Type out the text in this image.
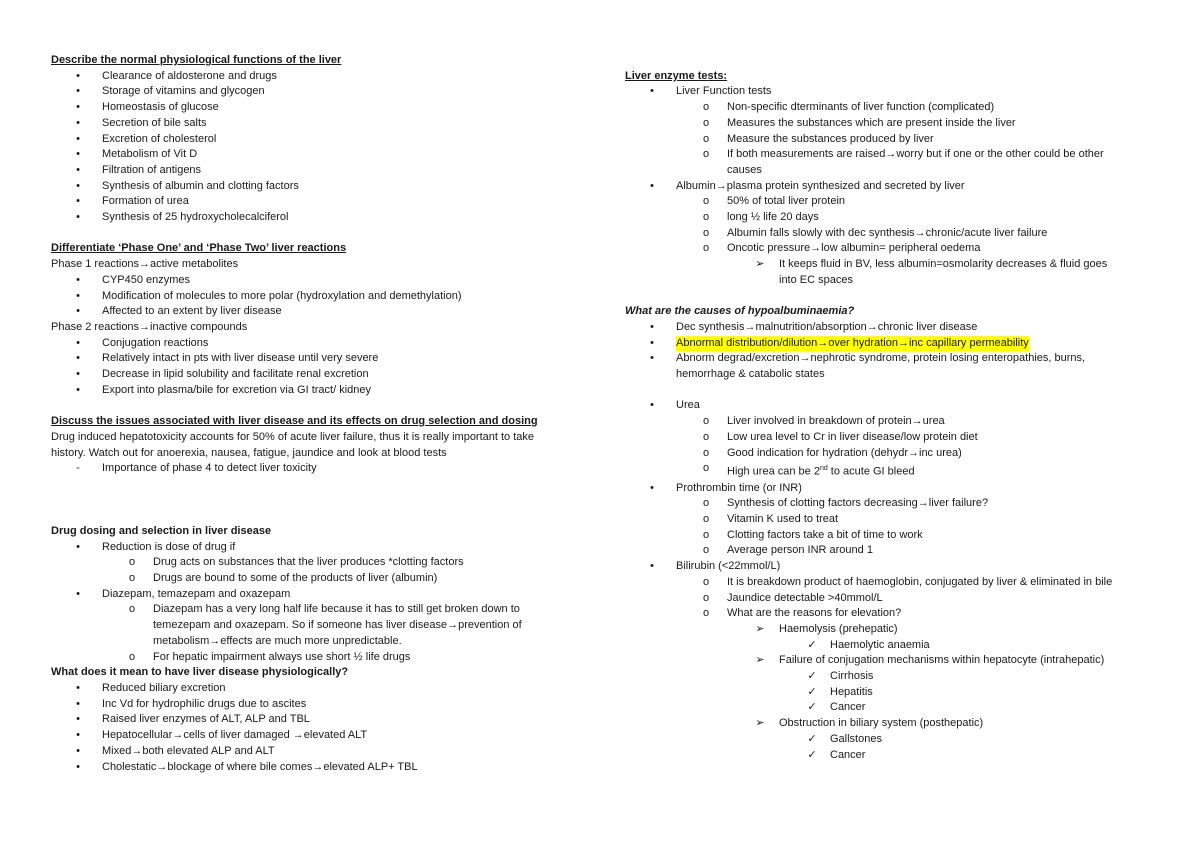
Describe the normal physiological functions of the liver
•	Clearance of aldosterone and drugs
•	Storage of vitamins and glycogen
•	Homeostasis of glucose
•	Secretion of bile salts
•	Excretion of cholesterol
•	Metabolism of Vit D
•	Filtration of antigens
•	Synthesis of albumin and clotting factors
•	Formation of urea
•	Synthesis of 25 hydroxycholecalciferol
Differentiate ‘Phase One’ and ‘Phase Two’ liver reactions
Phase 1 reactions→active metabolites
•	CYP450 enzymes
•	Modification of molecules to more polar (hydroxylation and demethylation)
•	Affected to an extent by liver disease
Phase 2 reactions→inactive compounds
•	Conjugation reactions
•	Relatively intact in pts with liver disease until very severe
•	Decrease in lipid solubility and facilitate renal excretion
•	Export into plasma/bile for excretion via GI tract/ kidney
Discuss the issues associated with liver disease and its effects on drug selection and dosing
Drug induced hepatotoxicity accounts for 50% of acute liver failure, thus it is really important to take
history. Watch out for anoerexia, nausea, fatigue, jaundice and look at blood tests
-	Importance of phase 4 to detect liver toxicity
Drug dosing and selection in liver disease
•	Reduction is dose of drug if
o	Drug acts on substances that the liver produces *clotting factors
o	Drugs are bound to some of the products of liver (albumin)
•	Diazepam, temazepam and oxazepam
o	Diazepam has a very long half life because it has to still get broken down to
temezepam and oxazepam. So if someone has liver disease→prevention of
metabolism→effects are much more unpredictable.
o	For hepatic impairment always use short ½ life drugs
What does it mean to have liver disease physiologically?
•	Reduced biliary excretion
•	Inc Vd for hydrophilic drugs due to ascites
•	Raised liver enzymes of ALT, ALP and TBL
•	Hepatocellular→cells of liver damaged →elevated ALT
•	Mixed→both elevated ALP and ALT
•	Cholestatic→blockage of where bile comes→elevated ALP+ TBL
Liver enzyme tests:
•	Liver Function tests
o	Non-specific dterminants of liver function (complicated)
o	Measures the substances which are present inside the liver
o	Measure the substances produced by liver
o	If both measurements are raised→worry but if one or the other could be other
causes
•	Albumin→plasma protein synthesized and secreted by liver
o	50% of total liver protein
o	long ½ life 20 days
o	Albumin falls slowly with dec synthesis→chronic/acute liver failure
o	Oncotic pressure→low albumin= peripheral oedema
➢ It keeps fluid in BV, less albumin=osmolarity decreases & fluid goes
into EC spaces
What are the causes of hypoalbuminaemia?
•	Dec synthesis→malnutrition/absorption→chronic liver disease
•	Abnormal distribution/dilution→over hydration→inc capillary permeability
•	Abnorm degrad/excretion→nephrotic syndrome, protein losing enteropathies, burns,
hemorrhage & catabolic states
•	Urea
o	Liver involved in breakdown of protein→urea
o	Low urea level to Cr in liver disease/low protein diet
o	Good indication for hydration (dehydr→inc urea)
o	High urea can be 2nd to acute GI bleed
•	Prothrombin time (or INR)
o	Synthesis of clotting factors decreasing→liver failure?
o	Vitamin K used to treat
o	Clotting factors take a bit of time to work
o	Average person INR around 1
•	Bilirubin (<22mmol/L)
o	It is breakdown product of haemoglobin, conjugated by liver & eliminated in bile
o	Jaundice detectable >40mmol/L
o	What are the reasons for elevation?
➢ Haemolysis (prehepatic)
✓ Haemolytic anaemia
➢ Failure of conjugation mechanisms within hepatocyte (intrahepatic)
✓ Cirrhosis
✓ Hepatitis
✓ Cancer
➢ Obstruction in biliary system (posthepatic)
✓ Gallstones
✓ Cancer
